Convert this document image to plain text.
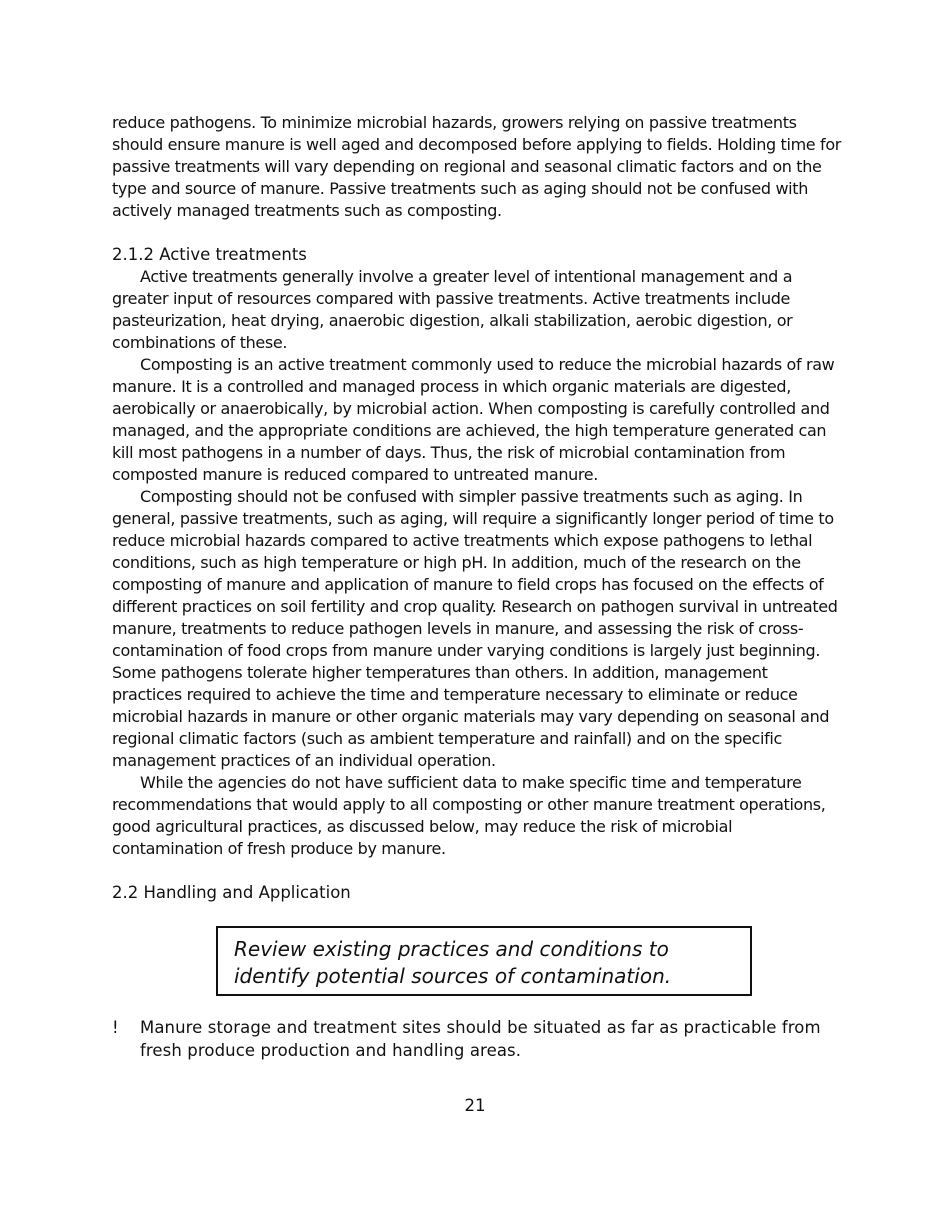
reduce pathogens. To minimize microbial hazards, growers relying on passive treatments should ensure manure is well aged and decomposed before applying to fields. Holding time for passive treatments will vary depending on regional and seasonal climatic factors and on the type and source of manure. Passive treatments such as aging should not be confused with actively managed treatments such as composting.

2.1.2 Active treatments

Active treatments generally involve a greater level of intentional management and a greater input of resources compared with passive treatments. Active treatments include pasteurization, heat drying, anaerobic digestion, alkali stabilization, aerobic digestion, or combinations of these.

Composting is an active treatment commonly used to reduce the microbial hazards of raw manure. It is a controlled and managed process in which organic materials are digested, aerobically or anaerobically, by microbial action. When composting is carefully controlled and managed, and the appropriate conditions are achieved, the high temperature generated can kill most pathogens in a number of days. Thus, the risk of microbial contamination from composted manure is reduced compared to untreated manure.

Composting should not be confused with simpler passive treatments such as aging. In general, passive treatments, such as aging, will require a significantly longer period of time to reduce microbial hazards compared to active treatments which expose pathogens to lethal conditions, such as high temperature or high pH. In addition, much of the research on the composting of manure and application of manure to field crops has focused on the effects of different practices on soil fertility and crop quality. Research on pathogen survival in untreated manure, treatments to reduce pathogen levels in manure, and assessing the risk of cross-contamination of food crops from manure under varying conditions is largely just beginning. Some pathogens tolerate higher temperatures than others. In addition, management practices required to achieve the time and temperature necessary to eliminate or reduce microbial hazards in manure or other organic materials may vary depending on seasonal and regional climatic factors (such as ambient temperature and rainfall) and on the specific management practices of an individual operation.

While the agencies do not have sufficient data to make specific time and temperature recommendations that would apply to all composting or other manure treatment operations, good agricultural practices, as discussed below, may reduce the risk of microbial contamination of fresh produce by manure.

2.2 Handling and Application

Review existing practices and conditions to identify potential sources of contamination.
!	Manure storage and treatment sites should be situated as far as practicable from fresh produce production and handling areas.
21
